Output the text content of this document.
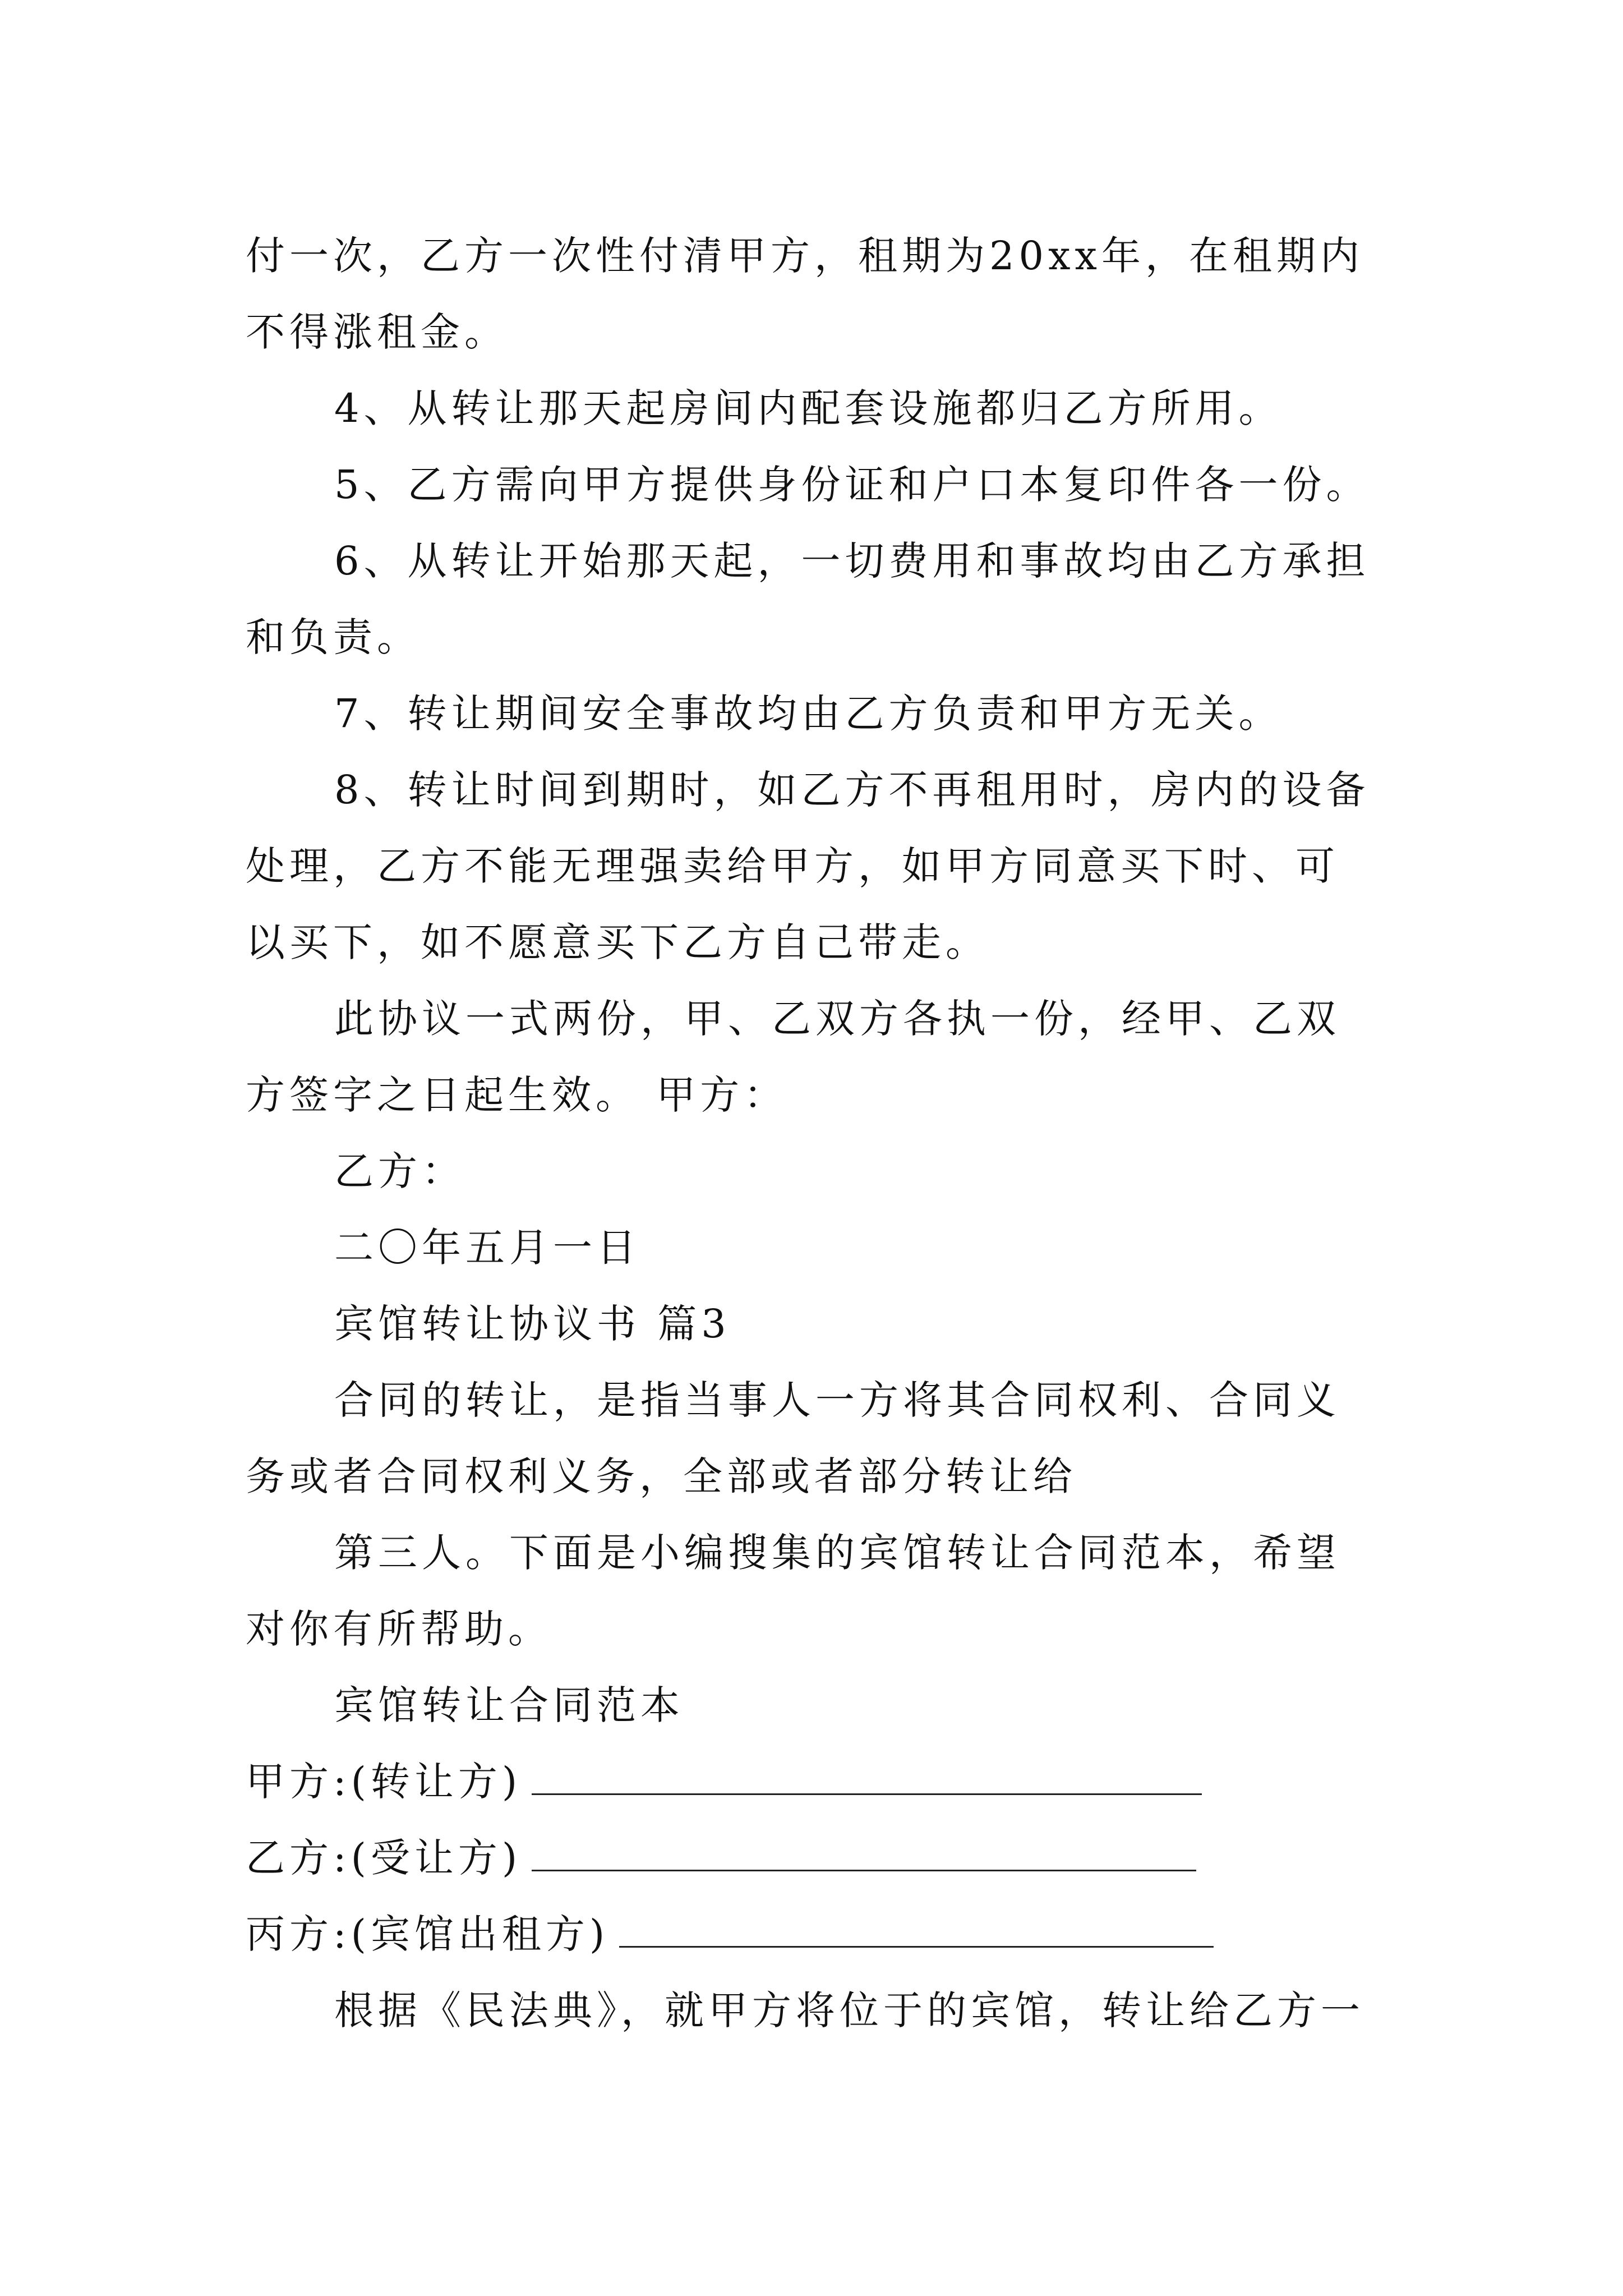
付一次，乙方一次性付清甲方，租期为20xx年，在租期内不得涨租金。

4、从转让那天起房间内配套设施都归乙方所用。

5、乙方需向甲方提供身份证和户口本复印件各一份。

6、从转让开始那天起，一切费用和事故均由乙方承担和负责。

7、转让期间安全事故均由乙方负责和甲方无关。

8、转让时间到期时，如乙方不再租用时，房内的设备处理，乙方不能无理强卖给甲方，如甲方同意买下时、可以买下，如不愿意买下乙方自己带走。

此协议一式两份，甲、乙双方各执一份，经甲、乙双方签字之日起生效。 甲方：

乙方：

二〇年五月一日

宾馆转让协议书 篇3

合同的转让，是指当事人一方将其合同权利、合同义务或者合同权利义务，全部或者部分转让给

第三人。下面是小编搜集的宾馆转让合同范本，希望对你有所帮助。

宾馆转让合同范本

甲方:(转让方)

乙方:(受让方)

丙方:(宾馆出租方)

根据《民法典》，就甲方将位于的宾馆，转让给乙方一
